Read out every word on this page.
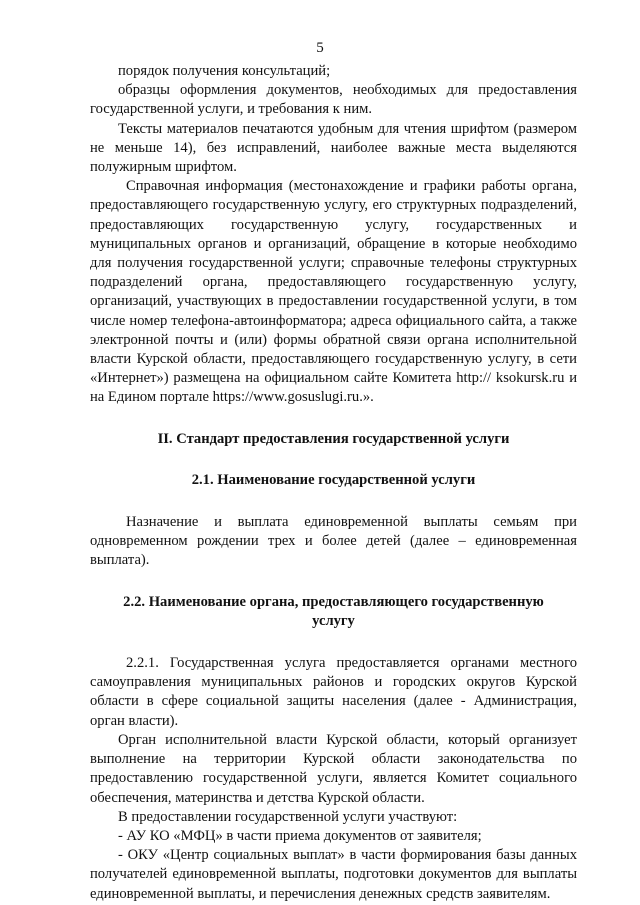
5

порядок получения консультаций;

образцы оформления документов, необходимых для предоставления государственной услуги, и требования к ним.

Тексты материалов печатаются удобным для чтения шрифтом (размером не меньше 14), без исправлений, наиболее важные места выделяются полужирным шрифтом.

Справочная информация (местонахождение и графики работы органа, предоставляющего государственную услугу, его структурных подразделений, предоставляющих государственную услугу, государственных и муниципальных органов и организаций, обращение в которые необходимо для получения государственной услуги; справочные телефоны структурных подразделений органа, предоставляющего государственную услугу, организаций, участвующих в предоставлении государственной услуги, в том числе номер телефона-автоинформатора; адреса официального сайта, а также электронной почты и (или) формы обратной связи органа исполнительной власти Курской области, предоставляющего государственную услугу, в сети «Интернет») размещена на официальном сайте Комитета http:// ksokursk.ru и на Едином портале https://www.gosuslugi.ru.».

II. Стандарт предоставления государственной услуги

2.1. Наименование государственной услуги

Назначение и выплата единовременной выплаты семьям при одновременном рождении трех и более детей (далее – единовременная выплата).

2.2. Наименование органа, предоставляющего государственную услугу

2.2.1. Государственная услуга предоставляется органами местного самоуправления муниципальных районов и городских округов Курской области в сфере социальной защиты населения (далее - Администрация, орган власти).

Орган исполнительной власти Курской области, который организует выполнение на территории Курской области законодательства по предоставлению государственной услуги, является Комитет социального обеспечения, материнства и детства Курской области.

В предоставлении государственной услуги участвуют:

- АУ КО «МФЦ» в части приема документов от заявителя;

- ОКУ «Центр социальных выплат» в части формирования базы данных получателей единовременной выплаты, подготовки документов для выплаты единовременной выплаты, и перечисления денежных средств заявителям.
